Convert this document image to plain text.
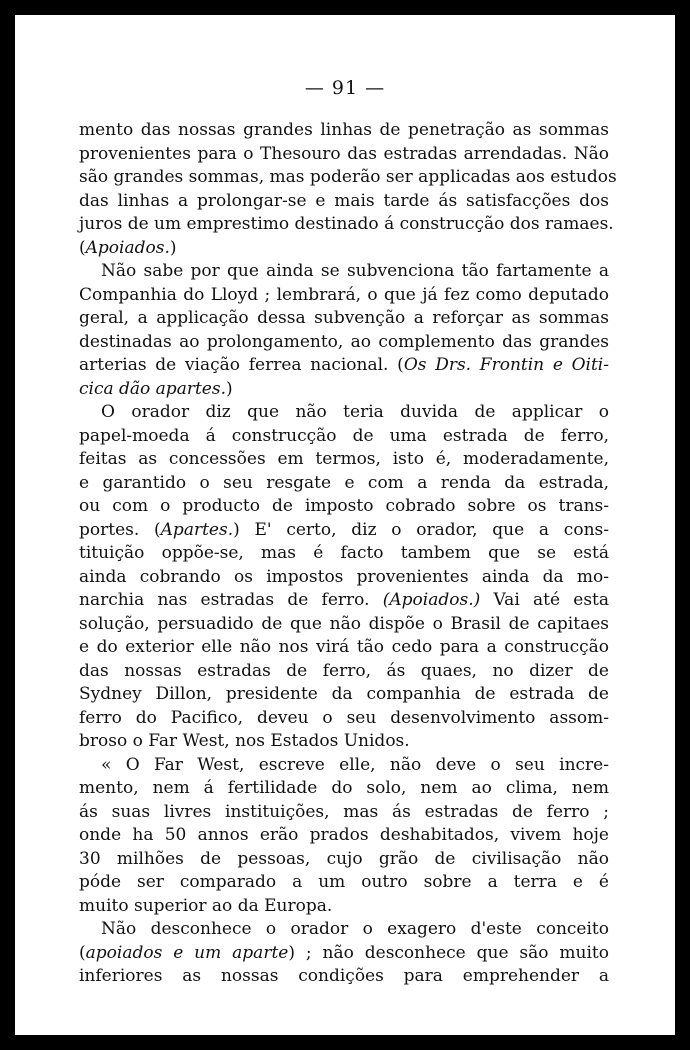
— 91 —
mento das nossas grandes linhas de penetração as sommas
provenientes para o Thesouro das estradas arrendadas. Não
são grandes sommas, mas poderão ser applicadas aos estudos
das linhas a prolongar-se e mais tarde ás satisfacções dos
juros de um emprestimo destinado á construcção dos ramaes.
(Apoiados.)
Não sabe por que ainda se subvenciona tão fartamente a
Companhia do Lloyd ; lembrará, o que já fez como deputado
geral, a applicação dessa subvenção a reforçar as sommas
destinadas ao prolongamento, ao complemento das grandes
arterias de viação ferrea nacional. (Os Drs. Frontin e Oiti-
cica dão apartes.)
O orador diz que não teria duvida de applicar o
papel-moeda á construcção de uma estrada de ferro,
feitas as concessões em termos, isto é, moderadamente,
e garantido o seu resgate e com a renda da estrada,
ou com o producto de imposto cobrado sobre os trans-
portes. (Apartes.) E' certo, diz o orador, que a cons-
tituição oppõe-se, mas é facto tambem que se está
ainda cobrando os impostos provenientes ainda da mo-
narchia nas estradas de ferro. (Apoiados.) Vai até esta
solução, persuadido de que não dispõe o Brasil de capitaes
e do exterior elle não nos virá tão cedo para a construcção
das nossas estradas de ferro, ás quaes, no dizer de
Sydney Dillon, presidente da companhia de estrada de
ferro do Pacifico, deveu o seu desenvolvimento assom-
broso o Far West, nos Estados Unidos.
« O Far West, escreve elle, não deve o seu incre-
mento, nem á fertilidade do solo, nem ao clima, nem
ás suas livres instituições, mas ás estradas de ferro ;
onde ha 50 annos erão prados deshabitados, vivem hoje
30 milhões de pessoas, cujo grão de civilisação não
póde ser comparado a um outro sobre a terra e é
muito superior ao da Europa.
Não desconhece o orador o exagero d'este conceito
(apoiados e um aparte) ; não desconhece que são muito
inferiores as nossas condições para emprehender a
